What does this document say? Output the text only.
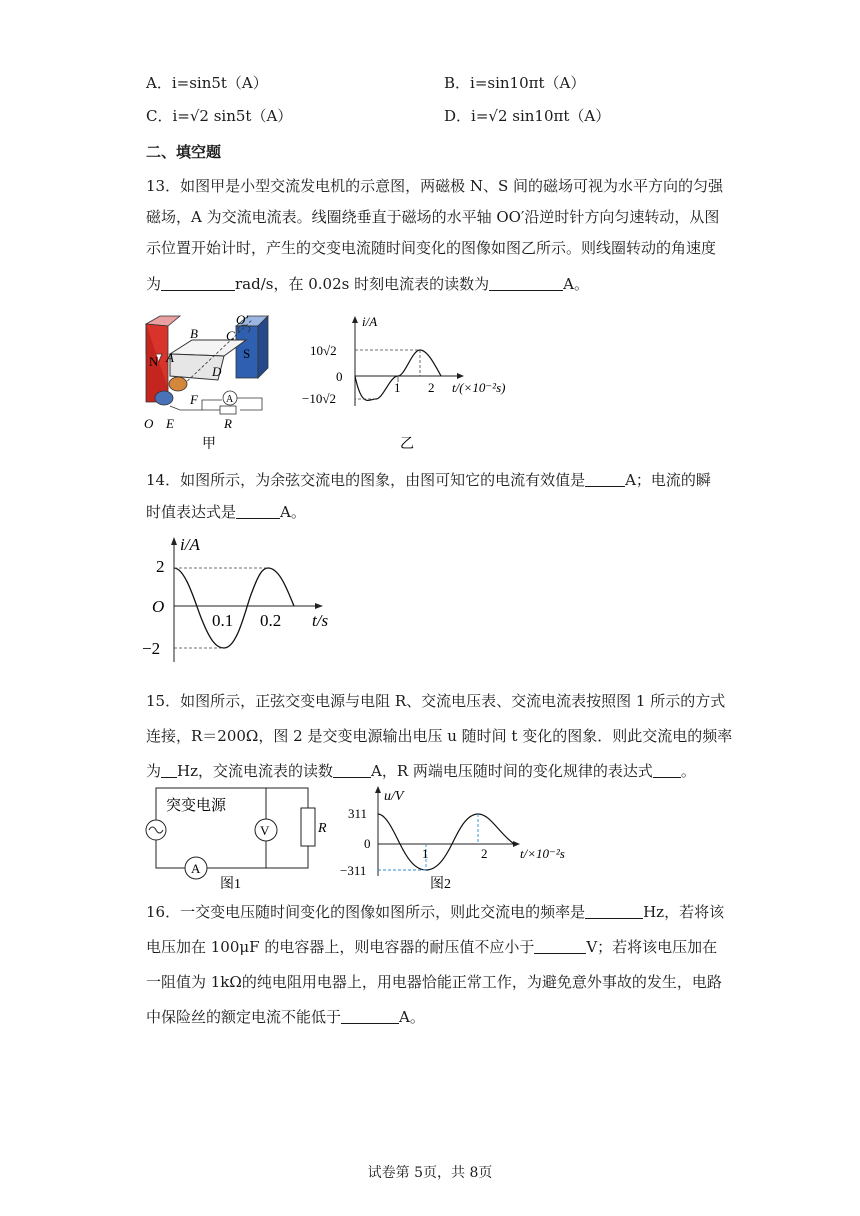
A．i=sin5t（A）	B．i=sin10πt（A）
C．i=√2 sin5t（A）	D．i=√2 sin10πt（A）
二、填空题
13．如图甲是小型交流发电机的示意图，两磁极 N、S 间的磁场可视为水平方向的匀强
磁场，A 为交流电流表。线圈绕垂直于磁场的水平轴 OO′沿逆时针方向匀速转动，从图
示位置开始计时，产生的交变电流随时间变化的图像如图乙所示。则线圈转动的角速度
为	rad/s，在 0.02s 时刻电流表的读数为	A。
N
S
A
B C
D
O′
O E
F
R
A
甲
i/A
10√2
0
−10√2
1 2 t/(×10⁻²s)
乙
14．如图所示，为余弦交流电的图象，由图可知它的电流有效值是	A；电流的瞬
时值表达式是	A。
i/A
2
O
−2
0.1 0.2 t/s
15．如图所示，正弦交变电源与电阻 R、交流电压表、交流电流表按照图 1 所示的方式
连接，R＝200Ω，图 2 是交变电源输出电压 u 随时间 t 变化的图象．则此交流电的频率
为 Hz，交流电流表的读数	A，R 两端电压随时间的变化规律的表达式 。
突变电源
V
A
R
图1
u/V
311
0
−311
1	2	t/×10⁻²s
图2
16．一交变电压随时间变化的图像如图所示，则此交流电的频率是	Hz，若将该
电压加在 100μF 的电容器上，则电容器的耐压值不应小于	V；若将该电压加在
一阻值为 1kΩ的纯电阻用电器上，用电器恰能正常工作，为避免意外事故的发生，电路
中保险丝的额定电流不能低于	A。
试卷第 5页，共 8页
